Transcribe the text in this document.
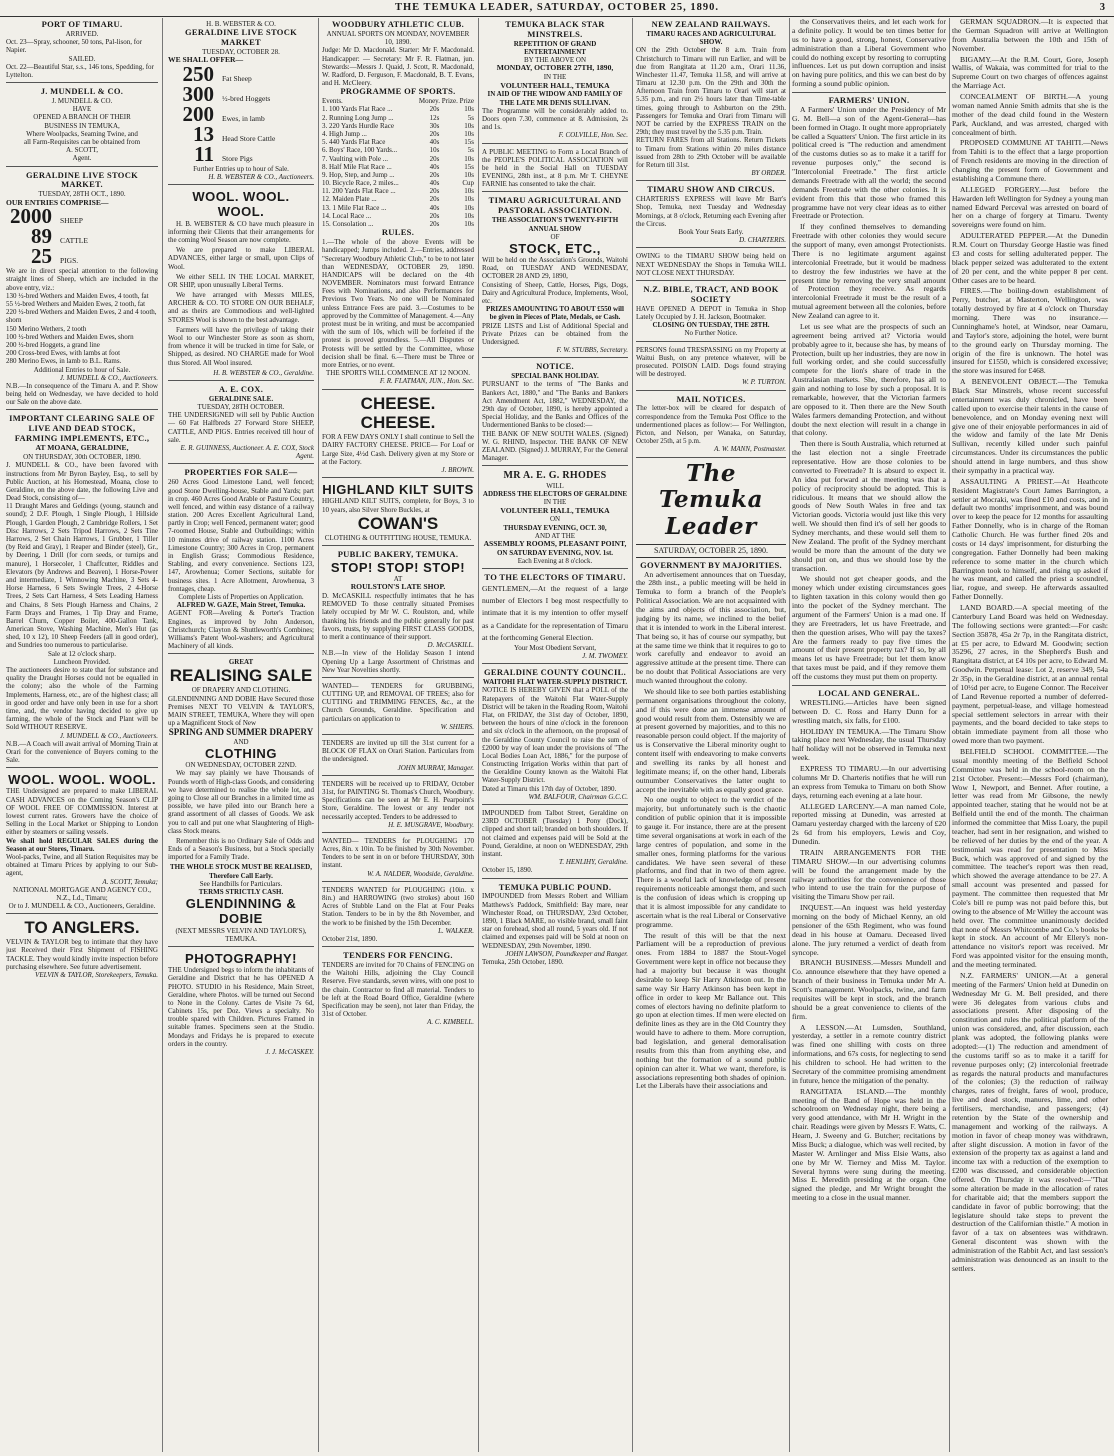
THE TEMUKA LEADER, SATURDAY, OCTOBER 25, 1890.	3
PORT OF TIMARU.
ARRIVED.
Oct. 23—Spray, schooner, 50 tons, Pal-lison, for Napier.
SAILED.
Oct. 22—Beautiful Star, s.s., 146 tons, Spedding, for Lyttelton.
J. MUNDELL & CO.
J. MUNDELL & CO.
HAVE
OPENED A BRANCH OF THEIR
BUSINESS IN TEMUKA,
Where Woolpacks, Seaming Twine, and
all Farm-Requisites can be obtained from
A. SCOTT,
Agent.
GERALDINE LIVE STOCK MARKET.
TUESDAY, 28TH OCT., 1890.
OUR ENTRIES COMPRISE—
2000 SHEEP
89 CATTLE
25 PIGS.
We are in direct special attention to the following straight lines of Sheep, which are included in the above entry, viz.:
130 ½-bred Wethers and Maiden Ewes, 4 tooth, fat
55 ½-bred Wethers and Maiden Ewes, 2 tooth, fat
220 ½-bred Wethers and Maiden Ewes, 2 and 4 tooth, shorn
150 Merino Wethers, 2 tooth
100 ½-bred Wethers and Maiden Ewes, shorn
200 ½-bred Hoggets, a grand line
200 Cross-bred Ewes, with lambs at foot
280 Merino Ewes, in lamb to B.L. Rams.
Additional Entries to hour of Sale.
J. MUNDELL & CO., Auctioneers.
N.B.—In consequence of the Timaru A. and P. Show being held on Wednesday, we have decided to hold our Sale on the above date.
IMPORTANT CLEARING SALE OF LIVE AND DEAD STOCK, FARMING IMPLEMENTS, ETC.,
AT MOANA, GERALDINE,
ON THURSDAY, 30th OCTOBER, 1890.
J. MUNDELL & CO., have been favored with instructions from Mr Byron Bayley, Esq., to sell by Public Auction, at his Homestead, Moana, close to Geraldine, on the above date, the following Live and Dead Stock, consisting of—
11 Draught Mares and Geldings (young, staunch and sound); 2 D.F. Plough, 1 Single Plough, 1 Hillside Plough, 1 Garden Plough, 2 Cambridge Rollers, 1 Set Disc Harrows, 2 Sets Tripod Harrows, 2 Sets Tine Harrows, 2 Set Chain Harrows, 1 Grubber, 1 Tiller (by Reid and Gray), 1 Reaper and Binder (steel), Gr., by Deering, 1 Drill (for corn seeds, or turnips and manure), 1 Horsecoler, 1 Chaffcutter, Riddles and Elevators (by Andrews and Beaven), 1 Horse-Power and intermediate, 1 Winnowing Machine, 3 Sets 4-Horse Harness, 6 Sets Swingle Trees, 2 4-Horse Trees, 2 Sets Cart Harness, 4 Sets Leading Harness and Chains, 8 Sets Plough Harness and Chains, 2 Farm Drays and Frames, 1 Tip Dray and Frame, Barrel Churn, Copper Boiler, 400-Gallon Tank, American Stove, Washing Machine, Men's Hut (as shed, 10 x 12), 10 Sheep Feeders (all in good order), and Sundries too numerous to particularise.
Sale at 12 o'clock sharp.
Luncheon Provided.
The auctioneers desire to state that for substance and quality the Draught Horses could not be equalled in the colony; also the whole of the Farming Implements, Harness, etc., are of the highest class; all in good order and have only been in use for a short time, and, the vendor having decided to give up farming, the whole of the Stock and Plant will be Sold WITHOUT RESERVE.
J. MUNDELL & CO., Auctioneers.
N.B.—A Coach will await arrival of Morning Train at Orari for the convenience of Buyers coming to the Sale.
WOOL. WOOL. WOOL.
THE Undersigned are prepared to make LIBERAL CASH ADVANCES on the Coming Season's CLIP OF WOOL FREE OF COMMISSION. Interest at lowest current rates. Growers have the choice of Selling in the Local Market or Shipping to London either by steamers or sailing vessels.
We shall hold REGULAR SALES during the Season at our Stores, Timaru.
Wool-packs, Twine, and all Station Requisites may be obtained at Timaru Prices by applying to our Sub-agent,
A. SCOTT, Temuka;
NATIONAL MORTGAGE AND AGENCY CO., N.Z., Ld., Timaru;
Or to J. MUNDELL & CO., Auctioneers, Geraldine.
TO ANGLERS.
VELVIN & TAYLOR beg to intimate that they have just Received their First Shipment of FISHING TACKLE. They would kindly invite inspection before purchasing elsewhere. See future advertisement.
VELVIN & TAYLOR, Storekeepers, Temuka.
H. B. WEBSTER & CO.
GERALDINE LIVE STOCK MARKET
TUESDAY, OCTOBER 28.
WE SHALL OFFER—
250 Fat Sheep
300 ½-bred Hoggets
200 Ewes, in lamb
13 Head Store Cattle
11 Store Pigs
Further Entries up to hour of Sale.
H. B. WEBSTER & CO., Auctioneers.
WOOL. WOOL. WOOL.

H. B. WEBSTER & CO have much pleasure in informing their Clients that their arrangements for the coming Wool Season are now complete.

We are prepared to make LIBERAL ADVANCES, either large or small, upon Clips of Wool.

We either SELL IN THE LOCAL MARKET, OR SHIP, upon unusually Liberal Terms.

We have arranged with Messrs MILES, ARCHER & CO. TO STORE ON OUR BEHALF, and as theirs are Commodious and well-lighted STORES Wool is shown to the best advantage.

Farmers will have the privilege of taking their Wool to our Winchester Store as soon as shorn, from whence it will be trucked in time for Sale, or Shipped, as desired. NO CHARGE made for Wool thus Stored. All Wool insured.

H. B. WEBSTER & CO., Geraldine.
A. E. COX.
GERALDINE SALE.
TUESDAY, 28TH OCTOBER.
THE UNDERSIGNED will sell by Public Auction— 60 Fat Halfbreds 27 Forward Store SHEEP, CATTLE, AND PIGS. Entries received till hour of sale.
E. R. GUINNESS, Auctioneer. A. E. COX, Stock Agent.
PROPERTIES FOR SALE—
260 Acres Good Limestone Land, well fenced; good Stone Dwelling-house, Stable and Yards; part in crop. 460 Acres Good Arable or Pasture Country, well fenced, and within easy distance of a railway station. 200 Acres Excellent Agricultural Land, partly in Crop; well Fenced, permanent water; good 7-roomed House, Stable and Outbuildings; within 10 minutes drive of railway station. 1100 Acres Limestone Country; 300 Acres in Crop, permanent in English Grass; Commodious Residence, Stabling, and every convenience. Sections 123, 147, Arowhenua; Corner Sections, suitable for business sites. 1 Acre Allotment, Arowhenua, 3 frontages, cheap.
Complete Lists of Properties on Application.
ALFRED W. GAZE, Main Street, Temuka.
AGENT FOR—Aveling & Porter's Traction Engines, as improved by John Anderson, Christchurch; Clayton & Shuttleworth's Combines; Williams's Patent Wool-washers; and Agricultural Machinery of all kinds.
GREAT
REALISING SALE
OF DRAPERY AND CLOTHING.
GLENDINNING AND DOBIE Have Secured those Premises NEXT TO VELVIN & TAYLOR'S, MAIN STREET, TEMUKA, Where they will open up a Magnificent Stock of New
SPRING AND SUMMER DRAPERY
AND
CLOTHING
ON WEDNESDAY, OCTOBER 22ND.

We may say plainly we have Thousands of Pounds worth of High-class Goods, and considering we have determined to realise the whole lot, and going to Close all our Branches in a limited time as possible, we have piled into our Branch here a grand assortment of all classes of Goods. We ask you to call and put one what Slaughtering of High-class Stock means.

Remember this is no Ordinary Sale of Odds and Ends of a Season's Business, but a Stock specially imported for a Family Trade.

THE WHOLE STOCK MUST BE REALISED, Therefore Call Early.
See Handbills for Particulars.
TERMS STRICTLY CASH.
GLENDINNING & DOBIE
(NEXT MESSRS VELVIN AND TAYLOR'S), TEMUKA.
PHOTOGRAPHY!
THE Undersigned begs to inform the inhabitants of Geraldine and District that he has OPENED A PHOTO. STUDIO in his Residence, Main Street, Geraldine, where Photos. will be turned out Second to None in the Colony. Cartes de Visite 7s 6d, Cabinets 15s, per Doz. Views a specialty. No trouble spared with Children. Pictures Framed in suitable frames. Specimens seen at the Studio. Mondays and Fridays he is prepared to execute orders in the country.
J. J. McCASKEY.
WOODBURY ATHLETIC CLUB.
ANNUAL SPORTS ON MONDAY, NOVEMBER 10, 1890.
Judge: Mr D. Macdonald. Starter: Mr F. Macdonald. Handicapper: — Secretary: Mr F. R. Flatman, jun. Stewards:—Messrs J. Quaid, J. Scott, R. Macdonald, W. Radford, D. Ferguson, F. Macdonald, B. T. Evans, and H. McCleery.
PROGRAMME OF SPORTS.
Events.	Money. Prize. Prize	
1. 100 Yards Flat Race ...	20s	10s
2. Running Long Jump ...	12s	5s
3. 220 Yards Hurdle Race	30s	10s
4. High Jump ...	20s	10s
5. 440 Yards Flat Race	40s	15s
6. Boys' Race, 100 Yards...	10s	5s
7. Vaulting with Pole ...	20s	10s
8. Half Mile Flat Race ...	40s	15s
9. Hop, Step, and Jump ...	20s	10s
10. Bicycle Race, 2 miles...	40s	Cup
11. 200 Yards Flat Race ...	20s	10s
12. Maiden Plate ...	20s	10s
13. 1 Mile Flat Race ...	40s	10s
14. Local Race ...	20s	10s
15. Consolation ...	20s	10s
RULES.
1.—The whole of the above Events will be handicapped; Jumps included. 2.—Entries, addressed "Secretary Woodbury Athletic Club," to be to not later than WEDNESDAY, OCTOBER 29, 1890. HANDICAPS will be declared on the 4th NOVEMBER. Nominators must forward Entrance Fees with Nominations, and also Performances for Previous Two Years. No one will be Nominated unless Entrance Fees are paid. 3.—Costumes to be approved by the Committee of Management. 4.—Any protest must be in writing, and must be accompanied with the sum of 10s, which will be forfeited if the protest is proved groundless. 5.—All Disputes or Protests will be settled by the Committee, whose decision shall be final. 6.—There must be Three or more Entries, or no event.
THE SPORTS WILL COMMENCE AT 12 NOON.
F. R. FLATMAN, JUN., Hon. Sec.
CHEESE. CHEESE.
FOR A FEW DAYS ONLY I shall continue to Sell the DAIRY FACTORY CHEESE. PRICE— For Loaf or Large Size, 4½d Cash. Delivery given at my Store or at the Factory.
J. BROWN.
HIGHLAND KILT SUITS
HIGHLAND KILT SUITS, complete, for Boys, 3 to 10 years, also Silver Shore Buckles, at
COWAN'S
CLOTHING & OUTFITTING HOUSE, TEMUKA.
PUBLIC BAKERY, TEMUKA.
STOP! STOP! STOP!
AT
ROULSTON'S LATE SHOP.
D. McCASKILL respectfully intimates that he has REMOVED To those centrally situated Premises lately occupied by Mr W. C. Roulston, and, while thanking his friends and the public generally for past favors, trusts, by supplying FIRST CLASS GOODS, to merit a continuance of their support.
D. McCASKILL.
N.B.—In view of the Holiday Season I intend Opening Up a Large Assortment of Christmas and New Year Novelties shortly.
WANTED— TENDERS for GRUBBING, CUTTING UP, and REMOVAL OF TREES; also for CUTTING and TRIMMING FENCES, &c., at the Church Grounds, Geraldine. Specification and particulars on application to
W. SHIERS.
TENDERS are invited up till the 31st current for a BLOCK OF FLAX on Orari Station. Particulars from the undersigned.
JOHN MURRAY, Manager.
TENDERS will be received up to FRIDAY, October 31st, for PAINTING St. Thomas's Church, Woodbury. Specifications can be seen at Mr E. H. Pearpoint's Store, Geraldine. The lowest or any tender not necessarily accepted. Tenders to be addressed to
H. E. MUSGRAVE, Woodbury.
WANTED— TENDERS for PLOUGHING 170 Acres, 8in. x 10in. To be finished by 30th November. Tenders to be sent in on or before THURSDAY, 30th instant.
W. A. NALDER, Woodside, Geraldine.
TENDERS WANTED for PLOUGHING (10in. x 8in.) and HARROWING (two strokes) about 160 Acres of Stubble Land on the Flat at Four Peaks Station. Tenders to be in by the 8th November, and the work to be finished by the 15th December.
L. WALKER.
October 21st, 1890.
TENDERS FOR FENCING.
TENDERS are invited for 70 Chains of FENCING on the Waitohi Hills, adjoining the Clay Council Reserve. Five standards, seven wires, with one post to the chain. Contractor to find all material. Tenders to be left at the Road Board Office, Geraldine (where Specification may be seen), not later than Friday, the 31st of October.
A. C. KIMBELL.
TEMUKA BLACK STAR MINSTRELS.
REPETITION OF GRAND ENTERTAINMENT
BY THE ABOVE ON
MONDAY, OCTOBER 27TH, 1890,
IN THE
VOLUNTEER HALL, TEMUKA
IN AID OF THE WIDOW AND FAMILY OF THE LATE MR DENIS SULLIVAN.
The Programme will be considerably added to. Doors open 7.30, commence at 8. Admission, 2s and 1s.
F. COLVILLE, Hon. Sec.
A PUBLIC MEETING to Form a Local Branch of the PEOPLE'S POLITICAL ASSOCIATION will be held in the Social Hall on TUESDAY EVENING, 28th inst., at 8 p.m. Mr T. CHEYNE FARNIE has consented to take the chair.
TIMARU AGRICULTURAL AND PASTORAL ASSOCIATION.
THE ASSOCIATION'S TWENTY-FIFTH ANNUAL SHOW
OF
STOCK, ETC.,
Will be held on the Association's Grounds, Waitohi Road, on TUESDAY AND WEDNESDAY, OCTOBER 28 AND 29, 1890,
Consisting of Sheep, Cattle, Horses, Pigs, Dogs, Dairy and Agricultural Produce, Implements, Wool, etc.
PRIZES AMOUNTING TO ABOUT £550 will be given in Pieces of Plate, Medals, or Cash.
PRIZE LISTS and List of Additional Special and Private Prizes can be obtained from the Undersigned.
F. W. STUBBS, Secretary.
NOTICE.
SPECIAL BANK HOLIDAY.
PURSUANT to the terms of "The Banks and Bankers Act, 1880," and "The Banks and Bankers Act Amendment Act, 1882," WEDNESDAY, the 29th day of October, 1890, is hereby appointed a Special Holiday, and the Banks and Offices of the Undermentioned Banks to be closed:—
THE BANK OF NEW SOUTH WALES. (Signed) W. G. RHIND, Inspector. THE BANK OF NEW ZEALAND. (Signed) J. MURRAY, For the General Manager.
MR A. E. G. RHODES
WILL
ADDRESS THE ELECTORS OF GERALDINE
IN THE
VOLUNTEER HALL, TEMUKA
ON
THURSDAY EVENING, OCT. 30,
AND AT THE
ASSEMBLY ROOMS, PLEASANT POINT,
ON SATURDAY EVENING, NOV. 1st.
Each Evening at 8 o'clock.
TO THE ELECTORS OF TIMARU.
GENTLEMEN,—At the request of a large number of Electors I beg most respectfully to intimate that it is my intention to offer myself as a Candidate for the representation of Timaru at the forthcoming General Election.
Your Most Obedient Servant,
J. M. TWOMEY.
GERALDINE COUNTY COUNCIL.
WAITOHI FLAT WATER-SUPPLY DISTRICT.
NOTICE IS HEREBY GIVEN that a POLL of the Ratepayers of the Waitohi Flat Water-Supply District will be taken in the Reading Room, Waitohi Flat, on FRIDAY, the 31st day of October, 1890, between the hours of nine o'clock in the forenoon and six o'clock in the afternoon, on the proposal of the Geraldine County Council to raise the sum of £2000 by way of loan under the provisions of "The Local Bodies Loan Act, 1886," for the purpose of Constructing Irrigation Works within that part of the Geraldine County known as the Waitohi Flat Water-Supply District.
Dated at Timaru this 17th day of October, 1890.
WM. BALFOUR, Chairman G.C.C.
IMPOUNDED from Talbot Street, Geraldine on 23RD OCTOBER (Tuesday) 1 Pony (Dock), clipped and short tail; branded on both shoulders. If not claimed and expenses paid will be Sold at the Pound, Geraldine, at noon on WEDNESDAY, 29th instant.
T. HENLIHY, Geraldine.
October 15, 1890.
TEMUKA PUBLIC POUND.
IMPOUNDED from Messrs Robert and William Matthews's Paddock, Smithfield: Bay mare, near Winchester Road, on THURSDAY, 23rd October, 1890, 1 Black MARE, no visible brand, small faint star on forehead, shod all round, 5 years old. If not claimed and expenses paid will be Sold at noon on WEDNESDAY, 29th November, 1890.
JOHN LAWSON, Poundkeeper and Ranger.
Temuka, 25th October, 1890.
NEW ZEALAND RAILWAYS.
TIMARU RACES AND AGRICULTURAL SHOW.
ON the 29th October the 8 a.m. Train from Christchurch to Timaru will run Earlier, and will be due from Rangitata at 11.20 a.m., Orari 11.36, Winchester 11.47, Temuka 11.58, and will arrive at Timaru at 12.30 p.m. On the 29th and 30th the Afternoon Train from Timaru to Orari will start at 5.35 p.m., and run 2½ hours later than Time-table times, going through to Ashburton on the 29th. Passengers for Temuka and Orari from Timaru will NOT be carried by the EXPRESS TRAIN on the 29th; they must travel by the 5.35 p.m. Train.
RETURN FARES from all Stations. Return Tickets to Timaru from Stations within 20 miles distance issued from 28th to 29th October will be available for Return till 31st.
BY ORDER.
TIMARU SHOW AND CIRCUS.
CHARTERIS'S EXPRESS will leave Mr Barr's Shop, Temuka, next Tuesday and Wednesday Mornings, at 8 o'clock, Returning each Evening after the Circus.
Book Your Seats Early.
D. CHARTERIS.
OWING to the TIMARU SHOW being held on NEXT WEDNESDAY the Shops in Temuka WILL NOT CLOSE NEXT THURSDAY.
N.Z. BIBLE, TRACT, AND BOOK SOCIETY
HAVE OPENED A DEPOT in Temuka in Shop Lately Occupied by J. H. Jackson, Bootmaker.
CLOSING ON TUESDAY, THE 28TH.
No Further Notice.
PERSONS found TRESPASSING on my Property at Waitui Bush, on any pretence whatever, will be prosecuted. POISON LAID. Dogs found straying will be destroyed.
W. P. TURTON.
MAIL NOTICES.
The letter-box will be cleared for despatch of correspondence from the Temuka Post Office to the undermentioned places as follow:— For Wellington, Picton, and Nelson, per Wanaka, on Saturday, October 25th, at 5 p.m.
A. W. MANN, Postmaster.
The Temuka Leader
SATURDAY, OCTOBER 25, 1890.
GOVERNMENT BY MAJORITIES.

An advertisement announces that on Tuesday, the 28th inst., a public meeting will be held in Temuka to form a branch of the People's Political Association. We are not acquainted with the aims and objects of this association, but, judging by its name, we inclined to the belief that it is intended to work in the Liberal interest. That being so, it has of course our sympathy, but at the same time we think that it requires to go to work carefully and endeavor to avoid an aggressive attitude at the present time. There can be no doubt that Political Associations are very much wanted throughout the colony.

We should like to see both parties establishing permanent organisations throughout the colony, and if this were done an immense amount of good would result from them. Ostensibly we are at present governed by majorities, and to this no reasonable person could object. If the majority of us is Conservative the Liberal minority ought to content itself with endeavoring to make converts and swelling its ranks by all honest and legitimate means; if, on the other hand, Liberals outnumber Conservatives the latter ought to accept the inevitable with as equally good grace.

No one ought to object to the verdict of the majority, but unfortunately such is the chaotic condition of public opinion that it is impossible to gauge it. For instance, there are at the present time several organisations at work in each of the large centres of population, and some in the smaller ones, forming platforms for the various candidates. We have seen several of these platforms, and find that in two of them agree. There is a woeful lack of knowledge of present requirements noticeable amongst them, and such is the confusion of ideas which is cropping up that it is almost impossible for any candidate to ascertain what is the real Liberal or Conservative programme.

The result of this will be that the next Parliament will be a reproduction of previous ones. From 1884 to 1887 the Stout-Vogel Government were kept in office not because they had a majority but because it was thought desirable to keep Sir Harry Atkinson out. In the same way Sir Harry Atkinson has been kept in office in order to keep Mr Ballance out. This comes of electors having no definite platform to go upon at election times. If men were elected on definite lines as they are in the Old Country they would have to adhere to them. More corruption, bad legislation, and general demoralisation results from this than from anything else, and nothing but the formation of a sound public opinion can alter it. What we want, therefore, is associations representing both shades of opinion. Let the Liberals have their associations and

the Conservatives theirs, and let each work for a definite policy. It would be ten times better for us to have a good, strong, honest, Conservative administration than a Liberal Government who could do nothing except by resorting to corrupting influences. Let us put down corruption and insist on having pure politics, and this we can best do by forming a sound public opinion.

FARMERS' UNION.

A Farmers' Union under the Presidency of Mr G. M. Bell—a son of the Agent-General—has been formed in Otago. It ought more appropriately be called a Squatters' Union. The first article in its political creed is "The reduction and amendment of the customs duties so as to make it a tariff for revenue purposes only," the second is "Intercolonial Freetrade." The first article demands Freetrade with all the world; the second demands Freetrade with the other colonies. It is evident from this that those who framed this programme have not very clear ideas as to either Freetrade or Protection.

If they confined themselves to demanding Freetrade with other colonies they would secure the support of many, even amongst Protectionists. There is no legitimate argument against intercolonial Freetrade, but it would be madness to destroy the few industries we have at the present time by removing the very small amount of Protection they receive. As regards intercolonial Freetrade it must be the result of a mutual agreement between all the colonies, before New Zealand can agree to it.

Let us see what are the prospects of such an agreement being arrived at? Victoria would probably agree to it, because she has, by means of Protection, built up her industries, they are now in full working order, and she could successfully compete for the lion's share of trade in the Australasian markets. She, therefore, has all to gain and nothing to lose by such a proposal. It is remarkable, however, that the Victorian farmers are opposed to it. Then there are the New South Wales farmers demanding Protection, and without doubt the next election will result in a change in that colony.

Then there is South Australia, which returned at the last election not a single Freetrade representative. How are those colonies to be converted to Freetrade? It is absurd to expect it. An idea put forward at the meeting was that a policy of reciprocity should be adopted. This is ridiculous. It means that we should allow the goods of New South Wales in free and tax Victorian goods. Victoria would just like this very well. We should then find it's of sell her goods to Sydney merchants, and these would sell them to New Zealand. The profit of the Sydney merchant would be more than the amount of the duty we should put on, and thus we should lose by the transaction.

We should not get cheaper goods, and the money which under existing circumstances goes to lighten taxation in this colony would then go into the pocket of the Sydney merchant. The argument of the Farmers' Union is a mad one. If they are Freetraders, let us have Freetrade, and then the question arises, Who will pay the taxes? Are the farmers ready to pay five times the amount of their present property tax? If so, by all means let us have Freetrade; but let them know that taxes must be paid, and if they remove them off the customs they must put them on property.

LOCAL AND GENERAL.

WRESTLING.—Articles have been signed between D. C. Ross and Harry Dunn for a wrestling match, six falls, for £100.

HOLIDAY IN TEMUKA.—The Timaru Show taking place next Wednesday, the usual Thursday half holiday will not be observed in Temuka next week.

EXPRESS TO TIMARU.—In our advertising columns Mr D. Charteris notifies that he will run an express from Temuka to Timaru on both Show days, returning each evening at a late hour.

ALLEGED LARCENY.—A man named Cole, reported missing at Dunedin, was arrested at Oamaru yesterday charged with the larceny of £20 2s 6d from his employers, Lewis and Coy, Dunedin.

TRAIN ARRANGEMENTS FOR THE TIMARU SHOW.—In our advertising columns will be found the arrangement made by the railway authorities for the convenience of those who intend to use the train for the purpose of visiting the Timaru Show per rail.

INQUEST.—An inquest was held yesterday morning on the body of Michael Kenny, an old pensioner of the 65th Regiment, who was found dead in his house at Oamaru. Deceased lived alone. The jury returned a verdict of death from syncope.

BRANCH BUSINESS.—Messrs Mundell and Co. announce elsewhere that they have opened a branch of their business in Temuka under Mr A. Scott's management. Woolpacks, twine, and farm requisites will be kept in stock, and the branch should be a great convenience to clients of the firm.

A LESSON.—At Lumsden, Southland, yesterday, a settler in a remote country district was fined one shilling with costs on three informations, and 67s costs, for neglecting to send his children to school. He had written to the Secretary of the committee promising amendment in future, hence the mitigation of the penalty.

RANGITATA ISLAND.—The monthly meeting of the Band of Hope was held in the schoolroom on Wednesday night, there being a very good attendance, with Mr H. Wright in the chair. Readings were given by Messrs F. Watts, C. Hearn, J. Sweeny and G. Butcher; recitations by Miss Buck; a dialogue, which was well recited, by Master W. Arnlinger and Miss Elsie Watts, also one by Mr W. Tierney and Miss M. Taylor. Several hymns were sung during the meeting. Miss E. Meredith presiding at the organ. One signed the pledge, and Mr Wright brought the meeting to a close in the usual manner.

GERMAN SQUADRON.—It is expected that the German Squadron will arrive at Wellington from Australia between the 10th and 15th of November.

BIGAMY.—At the R.M. Court, Gore, Joseph Wallis, of Wakaia, was committed for trial to the Supreme Court on two charges of offences against the Marriage Act.

CONCEALMENT OF BIRTH.—A young woman named Annie Smith admits that she is the mother of the dead child found in the Western Park, Auckland, and was arrested, charged with concealment of birth.

PROPOSED COMMUNE AT TAHITI.—News from Tahiti is to the effect that a large proportion of French residents are moving in the direction of changing the present form of Government and establishing a Commune there.

ALLEGED FORGERY.—Just before the Hawarden left Wellington for Sydney a young man named Edward Perceval was arrested on board of her on a charge of forgery at Timaru. Twenty sovereigns were found on him.

ADULTERATED PEPPER.—At the Dunedin R.M. Court on Thursday George Hastie was fined £3 and costs for selling adulterated pepper. The black pepper seized was adulterated to the extent of 20 per cent, and the white pepper 8 per cent. Other cases are to be heard.

FIRES.—The boiling-down establishment of Perry, butcher, at Masterton, Wellington, was totally destroyed by fire at 4 o'clock on Thursday morning. There was no insurance.—Cunninghame's hotel, at Windsor, near Oamaru, and Taylor's store, adjoining the hotel, were burnt to the ground early on Thursday morning. The origin of the fire is unknown. The hotel was insured for £1550, which is considered excessive; the store was insured for £468.

A BENEVOLENT OBJECT.—The Temuka Black Star Minstrels, whose recent successful entertainment was duly chronicled, have been called upon to exercise their talents in the cause of benevolence, and on Monday evening next will give one of their enjoyable performances in aid of the widow and family of the late Mr Denis Sullivan, recently killed under such painful circumstances. Under its circumstances the public should attend in large numbers, and thus show their sympathy in a practical way.

ASSAULTING A PRIEST.—At Heathcote Resident Magistrate's Court James Barrington, a settler at Mocraki, was fined £10 and costs, and in default two months' imprisonment, and was bound over to keep the peace for 12 months for assaulting Father Donnelly, who is in charge of the Roman Catholic Church. He was further fined 20s and costs or 14 days' imprisonment, for disturbing the congregation. Father Donnelly had been making reference to some matter in the church which Barrington took to himself, and rising up asked if he was meant, and called the priest a scoundrel, liar, rogue, and sweep. He afterwards assaulted Father Donnelly.

LAND BOARD.—A special meeting of the Canterbury Land Board was held on Wednesday. The following sections were granted:—For cash: Section 35878, 45a 2r 7p, in the Rangitata district, at £5 per acre, to Edward M. Goodwin; section 35296, 27 acres, in the Shepherd's Bush and Rangitata district, at £4 10s per acre, to Edward M. Goodwin. Perpetual lease: Lot 2, reserve 349, 54a 2r 35p, in the Geraldine district, at an annual rental of 10½d per acre, to Eugene Connor. The Receiver of Land Revenue reported a number of deferred-payment, perpetual-lease, and village homestead special settlement selectors in arrear with their payments, and the board decided to take steps to obtain immediate payment from all those who owed more than two payment.

BELFIELD SCHOOL COMMITTEE.—The usual monthly meeting of the Belfield School Committee was held in the school-room on the 21st October. Present:—Messrs Ford (chairman), Wow I, Newport, and Bennet. After routine, a letter was read from Mr Gibsone, the newly appointed teacher, stating that he would not be at Belfield until the end of the month. The chairman informed the committee that Miss Loary, the pupil teacher, had sent in her resignation, and wished to be relieved of her duties by the end of the year. A testimonial was read for presentation to Miss Buck, which was approved of and signed by the committee. The teacher's report was then read, which showed the average attendance to be 27. A small account was presented and passed for payment. The committee then requested that Mr Cole's bill re pump was not paid before this, but owing to the absence of Mr Willey the account was held over. The committee unanimously decided that none of Messrs Whitcombe and Co.'s books be kept in stock. An account of Mr Ellery's non-attendance no visitor's report was received. Mr Ford was appointed visitor for the ensuing month, and the meeting terminated.

N.Z. FARMERS' UNION.—At a general meeting of the Farmers' Union held at Dunedin on Wednesday Mr G. M. Bell presided, and there were 36 delegates from various clubs and associations present. After disposing of the constitution and rules the political platform of the union was considered, and, after discussion, each plank was adopted, the following planks were adopted:—(1) The reduction and amendment of the customs tariff so as to make it a tariff for revenue purposes only; (2) intercolonial freetrade as regards the natural products and manufactures of the colonies; (3) the reduction of railway charges, rates of freight, fares of wool, produce, live and dead stock, manures, lime, and other fertilisers, merchandise, and passengers; (4) retention by the State of the ownership and management and working of the railways. A motion in favor of cheap money was withdrawn, after slight discussion. A motion in favor of the extension of the property tax as against a land and income tax with a reduction of the exemption to £200 was discussed, and considerable objection offered. On Thursday it was resolved:—"That some alteration be made in the allocation of rates for charitable aid; that the members support the candidate in favor of public borrowing; that the legislature should take steps to prevent the destruction of the Californian thistle." A motion in favor of a tax on absentees was withdrawn. General discontent was shown with the administration of the Rabbit Act, and last session's administration was denounced as an insult to the settlers.
